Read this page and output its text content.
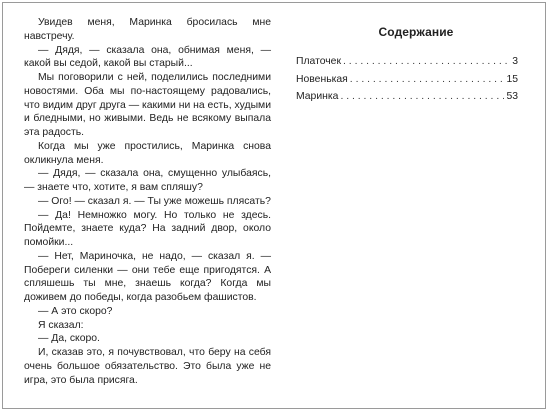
Увидев меня, Маринка бросилась мне навстречу.

— Дядя, — сказала она, обнимая меня, — какой вы седой, какой вы старый...

Мы поговорили с ней, поделились последними новостями. Оба мы по-настоящему радовались, что видим друг друга — какими ни на есть, худыми и бледными, но живыми. Ведь не всякому выпала эта радость.

Когда мы уже простились, Маринка снова окликнула меня.

— Дядя, — сказала она, смущенно улыбаясь, — знаете что, хотите, я вам спляшу?

— Ого! — сказал я. — Ты уже можешь плясать?

— Да! Немножко могу. Но только не здесь. Пойдемте, знаете куда? На задний двор, около помойки...

— Нет, Мариночка, не надо, — сказал я. — Побереги силенки — они тебе еще пригодятся. А спляшешь ты мне, знаешь когда? Когда мы доживем до победы, когда разобьем фашистов.

— А это скоро?

Я сказал:

— Да, скоро.

И, сказав это, я почувствовал, что беру на себя очень большое обязательство. Это была уже не игра, это была присяга.

Содержание
Платочек . . .	3
Новенькая . . .	15
Маринка . . .	53
